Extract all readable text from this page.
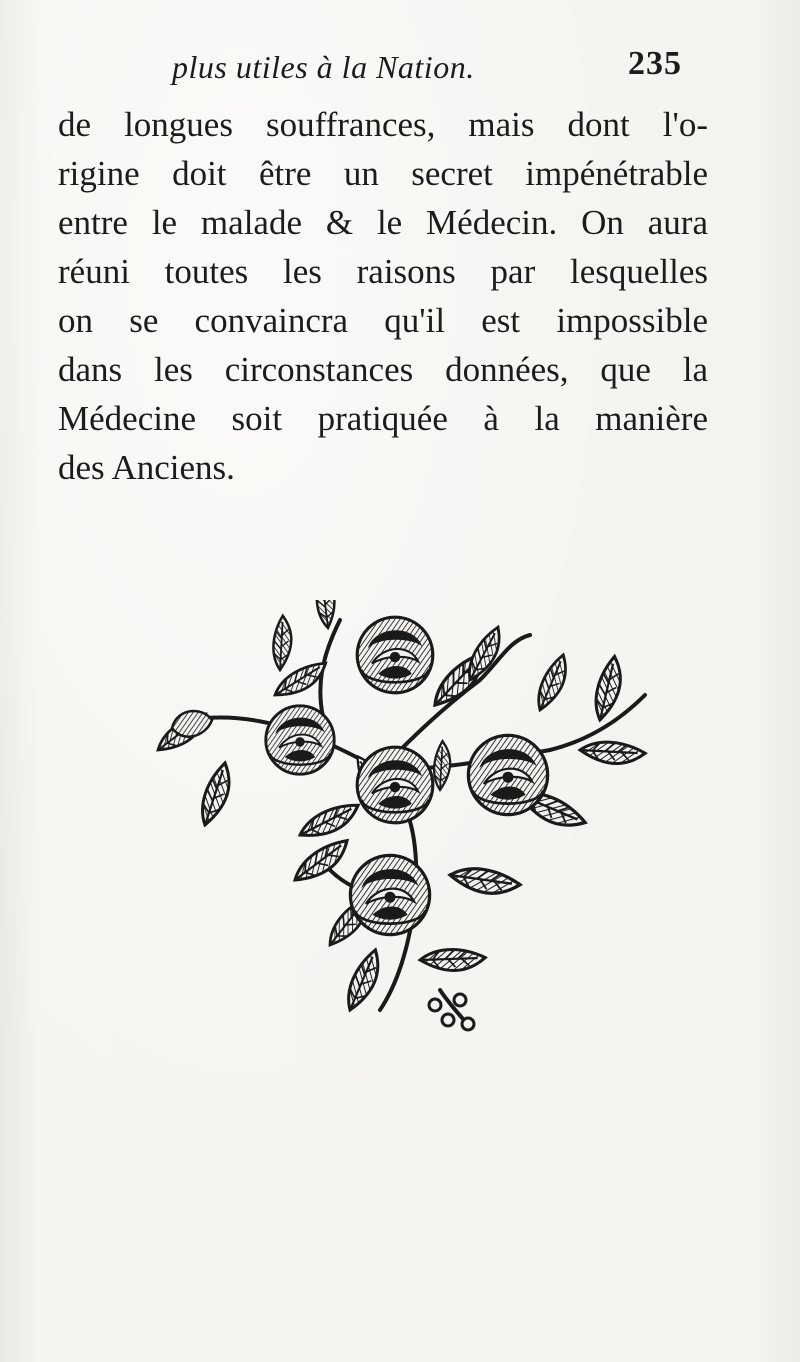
plus utiles à la Nation.	235
de longues souffrances, mais dont l'o-
rigine doit être un secret impénétrable
entre le malade & le Médecin. On aura
réuni toutes les raisons par lesquelles
on se convaincra qu'il est impossible
dans les circonstances données, que la
Médecine soit pratiquée à la manière
des Anciens.
